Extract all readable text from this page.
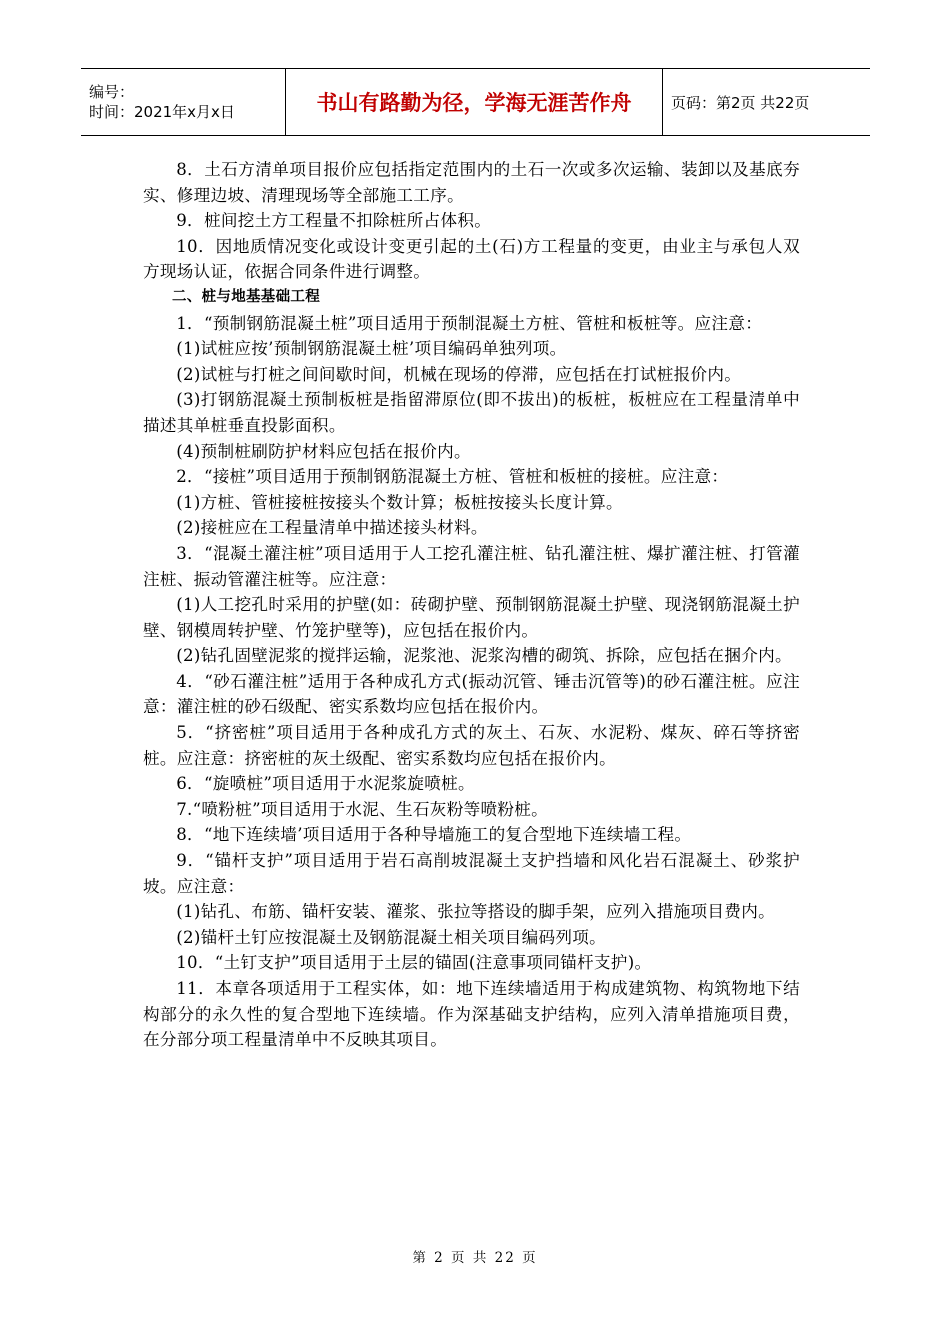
编号：
时间：2021年x月x日	书山有路勤为径，学海无涯苦作舟	页码：第2页 共22页

8．土石方清单项目报价应包括指定范围内的土石一次或多次运输、装卸以及基底夯实、修理边坡、清理现场等全部施工工序。

9．桩间挖土方工程量不扣除桩所占体积。

10．因地质情况变化或设计变更引起的土(石)方工程量的变更，由业主与承包人双方现场认证，依据合同条件进行调整。

二、桩与地基基础工程

1．“预制钢筋混凝土桩”项目适用于预制混凝土方桩、管桩和板桩等。应注意：

(1)试桩应按’预制钢筋混凝土桩’项目编码单独列项。

(2)试桩与打桩之间间歇时间，机械在现场的停滞，应包括在打试桩报价内。

(3)打钢筋混凝土预制板桩是指留滞原位(即不拔出)的板桩，板桩应在工程量清单中描述其单桩垂直投影面积。

(4)预制桩刷防护材料应包括在报价内。

2．“接桩”项目适用于预制钢筋混凝土方桩、管桩和板桩的接桩。应注意：

(1)方桩、管桩接桩按接头个数计算；板桩按接头长度计算。

(2)接桩应在工程量清单中描述接头材料。

3．“混凝土灌注桩”项目适用于人工挖孔灌注桩、钻孔灌注桩、爆扩灌注桩、打管灌注桩、振动管灌注桩等。应注意：

(1)人工挖孔时采用的护壁(如：砖砌护壁、预制钢筋混凝土护壁、现浇钢筋混凝土护壁、钢模周转护壁、竹笼护壁等)，应包括在报价内。

(2)钻孔固壁泥浆的搅拌运输，泥浆池、泥浆沟槽的砌筑、拆除，应包括在捆介内。

4．“砂石灌注桩”适用于各种成孔方式(振动沉管、锤击沉管等)的砂石灌注桩。应注意：灌注桩的砂石级配、密实系数均应包括在报价内。

5．“挤密桩”项目适用于各种成孔方式的灰土、石灰、水泥粉、煤灰、碎石等挤密桩。应注意：挤密桩的灰土级配、密实系数均应包括在报价内。

6．“旋喷桩”项目适用于水泥浆旋喷桩。

7.“喷粉桩”项目适用于水泥、生石灰粉等喷粉桩。

8．“地下连续墙’项目适用于各种导墙施工的复合型地下连续墙工程。

9．“锚杆支护”项目适用于岩石高削坡混凝土支护挡墙和风化岩石混凝土、砂浆护坡。应注意：

(1)钻孔、布筋、锚杆安装、灌浆、张拉等搭设的脚手架，应列入措施项目费内。

(2)锚杆土钉应按混凝土及钢筋混凝土相关项目编码列项。

10．“土钉支护”项目适用于土层的锚固(注意事项同锚杆支护)。

11．本章各项适用于工程实体，如：地下连续墙适用于构成建筑物、构筑物地下结构部分的永久性的复合型地下连续墙。作为深基础支护结构，应列入清单措施项目费，在分部分项工程量清单中不反映其项目。

第 2 页 共 22 页
